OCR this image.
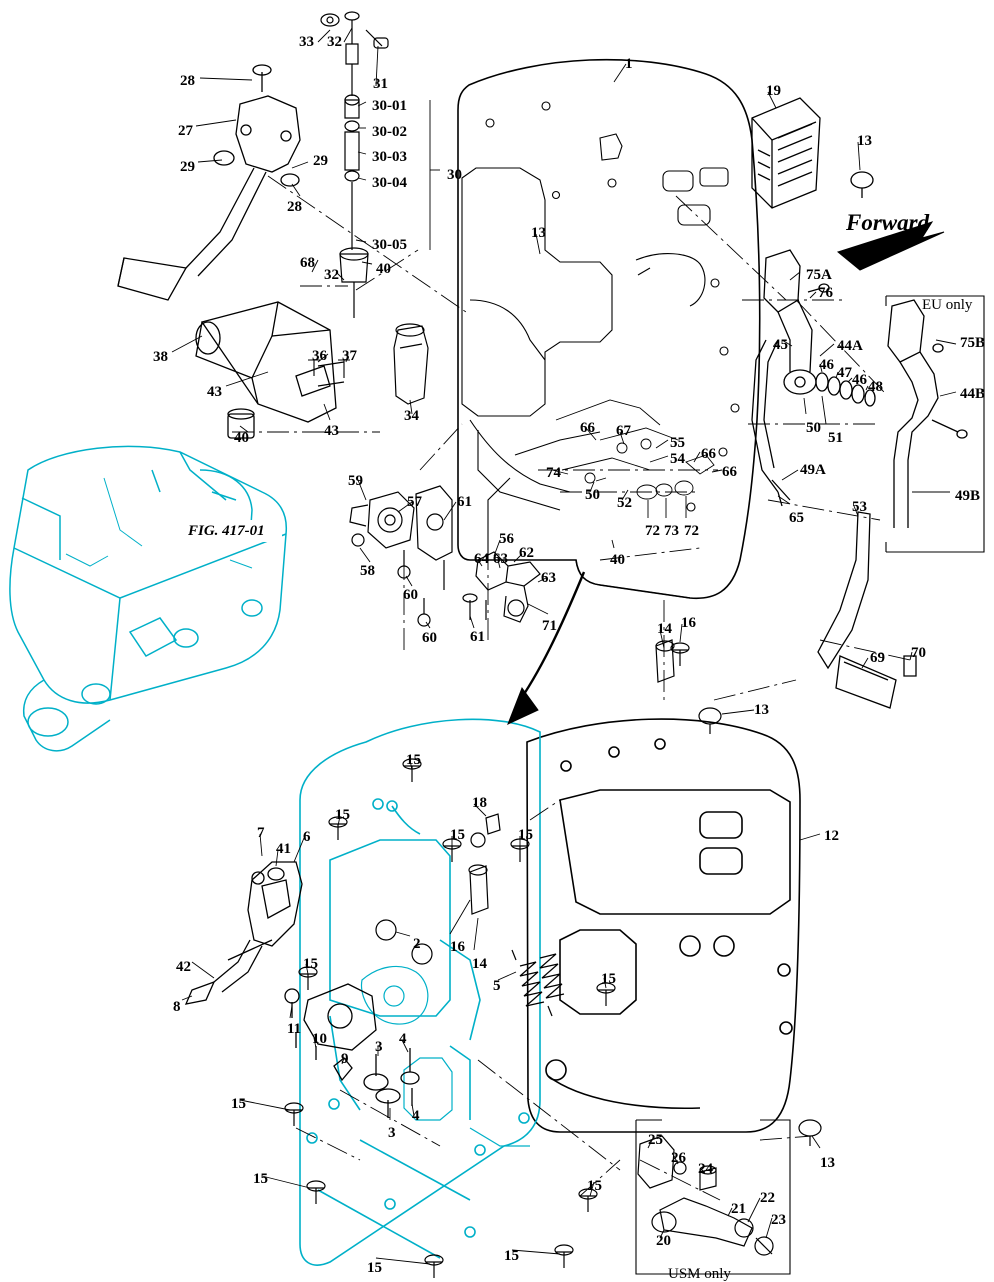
Forward
FIG. 417-01
EU only
USM only
33 32
31
28
27
29	29
28
30-01
30-02
30-03
30-04
30-05
30
40
68
32
38
43
36 37
40	43
34
59
57 61
58
60
60 61
56
64 63 62
63
71
1
13
19
13
75A
76
45	44A
46 47 46 48
50
51
49A
65
53
69 70
75B
44B
49B
66 67
55
54 66
66
74
50 52
72 73 72
40
14 16
13
15
15
18
15	15	12
7
41
6
2 16
14
5	15
42	15
8
11
10
9
3 4
3
4
15
15
15
15
15
13
25
26
24
21
22
23
20
